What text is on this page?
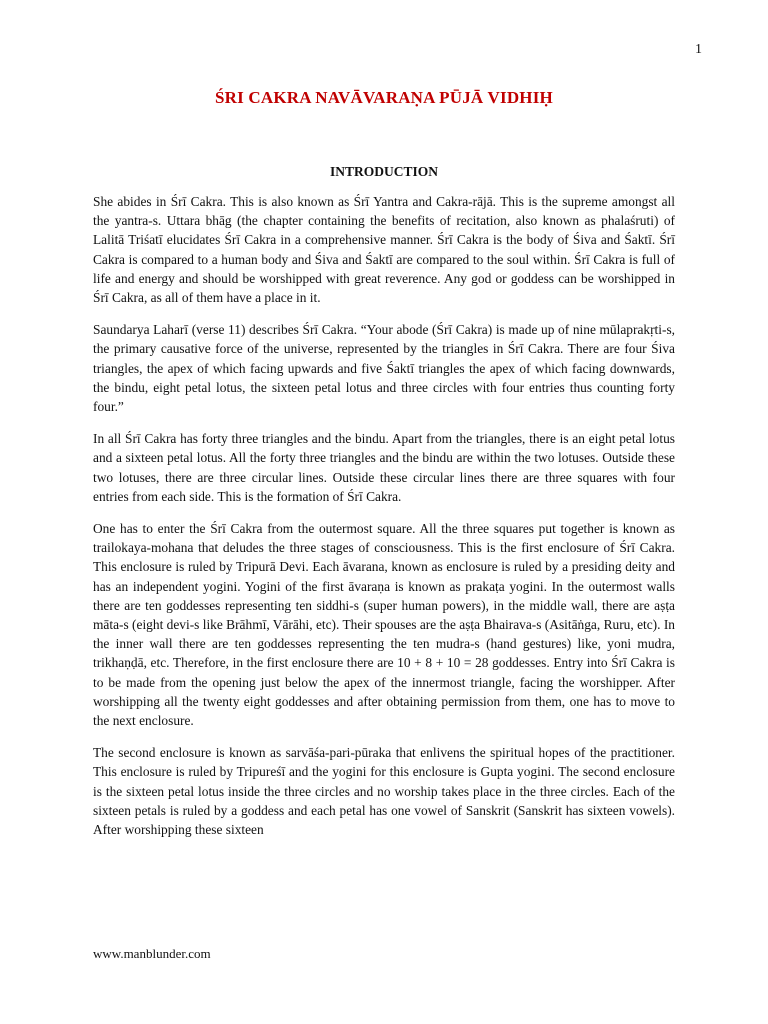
1
ŚRI CAKRA NAVĀVARAṆA PŪJĀ VIDHIḤ
INTRODUCTION

She abides in Śrī Cakra. This is also known as Śrī Yantra and Cakra-rājā. This is the supreme amongst all the yantra-s. Uttara bhāg (the chapter containing the benefits of recitation, also known as phalaśruti) of Lalitā Triśatī elucidates Śrī Cakra in a comprehensive manner. Śrī Cakra is the body of Śiva and Śaktī. Śrī Cakra is compared to a human body and Śiva and Śaktī are compared to the soul within. Śrī Cakra is full of life and energy and should be worshipped with great reverence. Any god or goddess can be worshipped in Śrī Cakra, as all of them have a place in it.

Saundarya Laharī (verse 11) describes Śrī Cakra. “Your abode (Śrī Cakra) is made up of nine mūlaprakṛti-s, the primary causative force of the universe, represented by the triangles in Śrī Cakra. There are four Śiva triangles, the apex of which facing upwards and five Śaktī triangles the apex of which facing downwards, the bindu, eight petal lotus, the sixteen petal lotus and three circles with four entries thus counting forty four.”

In all Śrī Cakra has forty three triangles and the bindu. Apart from the triangles, there is an eight petal lotus and a sixteen petal lotus. All the forty three triangles and the bindu are within the two lotuses. Outside these two lotuses, there are three circular lines. Outside these circular lines there are three squares with four entries from each side. This is the formation of Śrī Cakra.

One has to enter the Śrī Cakra from the outermost square. All the three squares put together is known as trailokaya-mohana that deludes the three stages of consciousness. This is the first enclosure of Śrī Cakra. This enclosure is ruled by Tripurā Devi. Each āvarana, known as enclosure is ruled by a presiding deity and has an independent yogini. Yogini of the first āvaraṇa is known as prakaṭa yogini. In the outermost walls there are ten goddesses representing ten siddhi-s (super human powers), in the middle wall, there are aṣṭa māta-s (eight devi-s like Brāhmī, Vārāhi, etc). Their spouses are the aṣṭa Bhairava-s (Asitāṅga, Ruru, etc). In the inner wall there are ten goddesses representing the ten mudra-s (hand gestures) like, yoni mudra, trikhaṇḍā, etc. Therefore, in the first enclosure there are 10 + 8 + 10 = 28 goddesses. Entry into Śrī Cakra is to be made from the opening just below the apex of the innermost triangle, facing the worshipper. After worshipping all the twenty eight goddesses and after obtaining permission from them, one has to move to the next enclosure.

The second enclosure is known as sarvāśa-pari-pūraka that enlivens the spiritual hopes of the practitioner. This enclosure is ruled by Tripureśī and the yogini for this enclosure is Gupta yogini. The second enclosure is the sixteen petal lotus inside the three circles and no worship takes place in the three circles. Each of the sixteen petals is ruled by a goddess and each petal has one vowel of Sanskrit (Sanskrit has sixteen vowels). After worshipping these sixteen

www.manblunder.com
